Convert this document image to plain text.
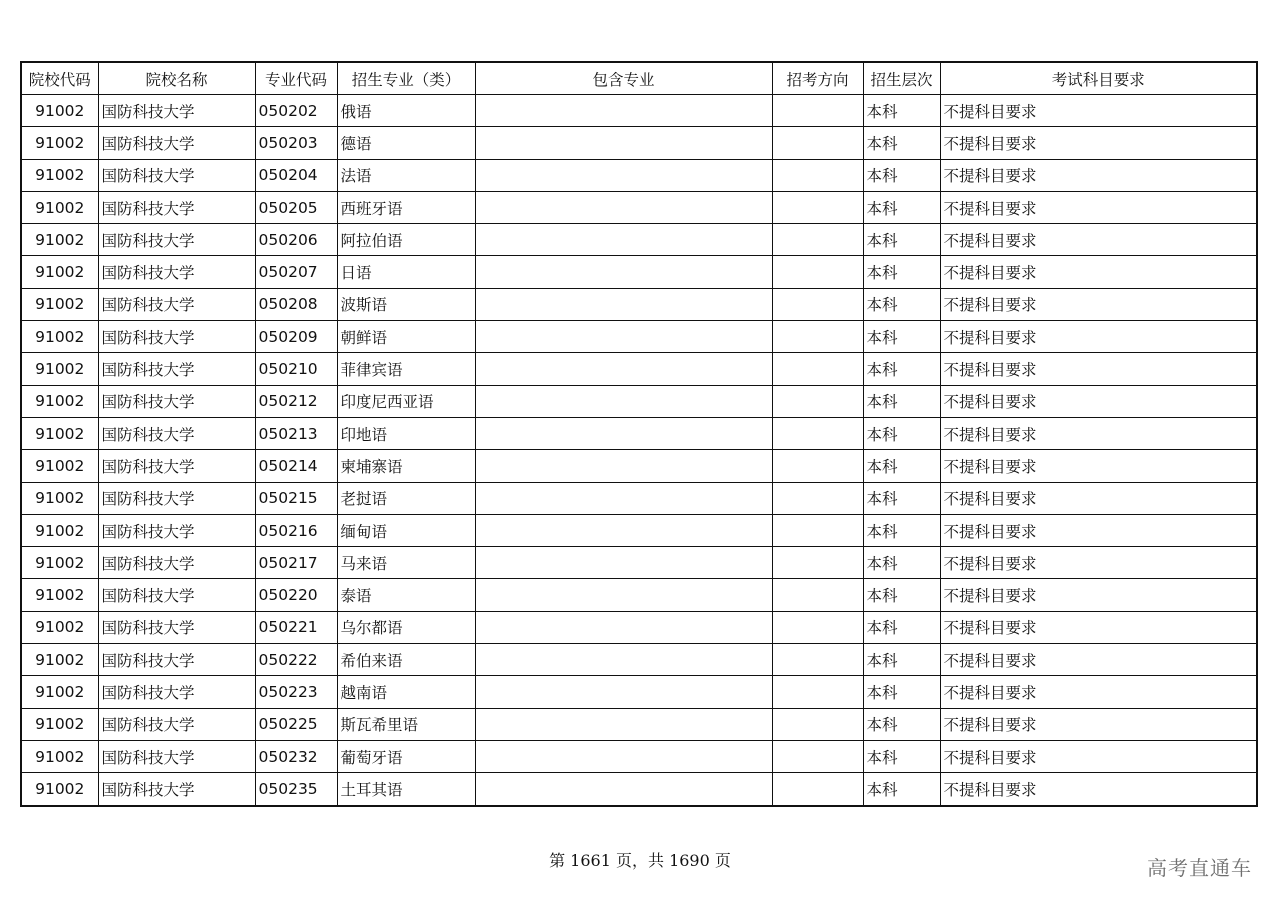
院校代码	院校名称	专业代码	招生专业（类）	包含专业	招考方向	招生层次	考试科目要求
91002	国防科技大学	050202	俄语			本科	不提科目要求
91002	国防科技大学	050203	德语			本科	不提科目要求
91002	国防科技大学	050204	法语			本科	不提科目要求
91002	国防科技大学	050205	西班牙语			本科	不提科目要求
91002	国防科技大学	050206	阿拉伯语			本科	不提科目要求
91002	国防科技大学	050207	日语			本科	不提科目要求
91002	国防科技大学	050208	波斯语			本科	不提科目要求
91002	国防科技大学	050209	朝鲜语			本科	不提科目要求
91002	国防科技大学	050210	菲律宾语			本科	不提科目要求
91002	国防科技大学	050212	印度尼西亚语			本科	不提科目要求
91002	国防科技大学	050213	印地语			本科	不提科目要求
91002	国防科技大学	050214	柬埔寨语			本科	不提科目要求
91002	国防科技大学	050215	老挝语			本科	不提科目要求
91002	国防科技大学	050216	缅甸语			本科	不提科目要求
91002	国防科技大学	050217	马来语			本科	不提科目要求
91002	国防科技大学	050220	泰语			本科	不提科目要求
91002	国防科技大学	050221	乌尔都语			本科	不提科目要求
91002	国防科技大学	050222	希伯来语			本科	不提科目要求
91002	国防科技大学	050223	越南语			本科	不提科目要求
91002	国防科技大学	050225	斯瓦希里语			本科	不提科目要求
91002	国防科技大学	050232	葡萄牙语			本科	不提科目要求
91002	国防科技大学	050235	土耳其语			本科	不提科目要求
第 1661 页，共 1690 页	高考直通车
